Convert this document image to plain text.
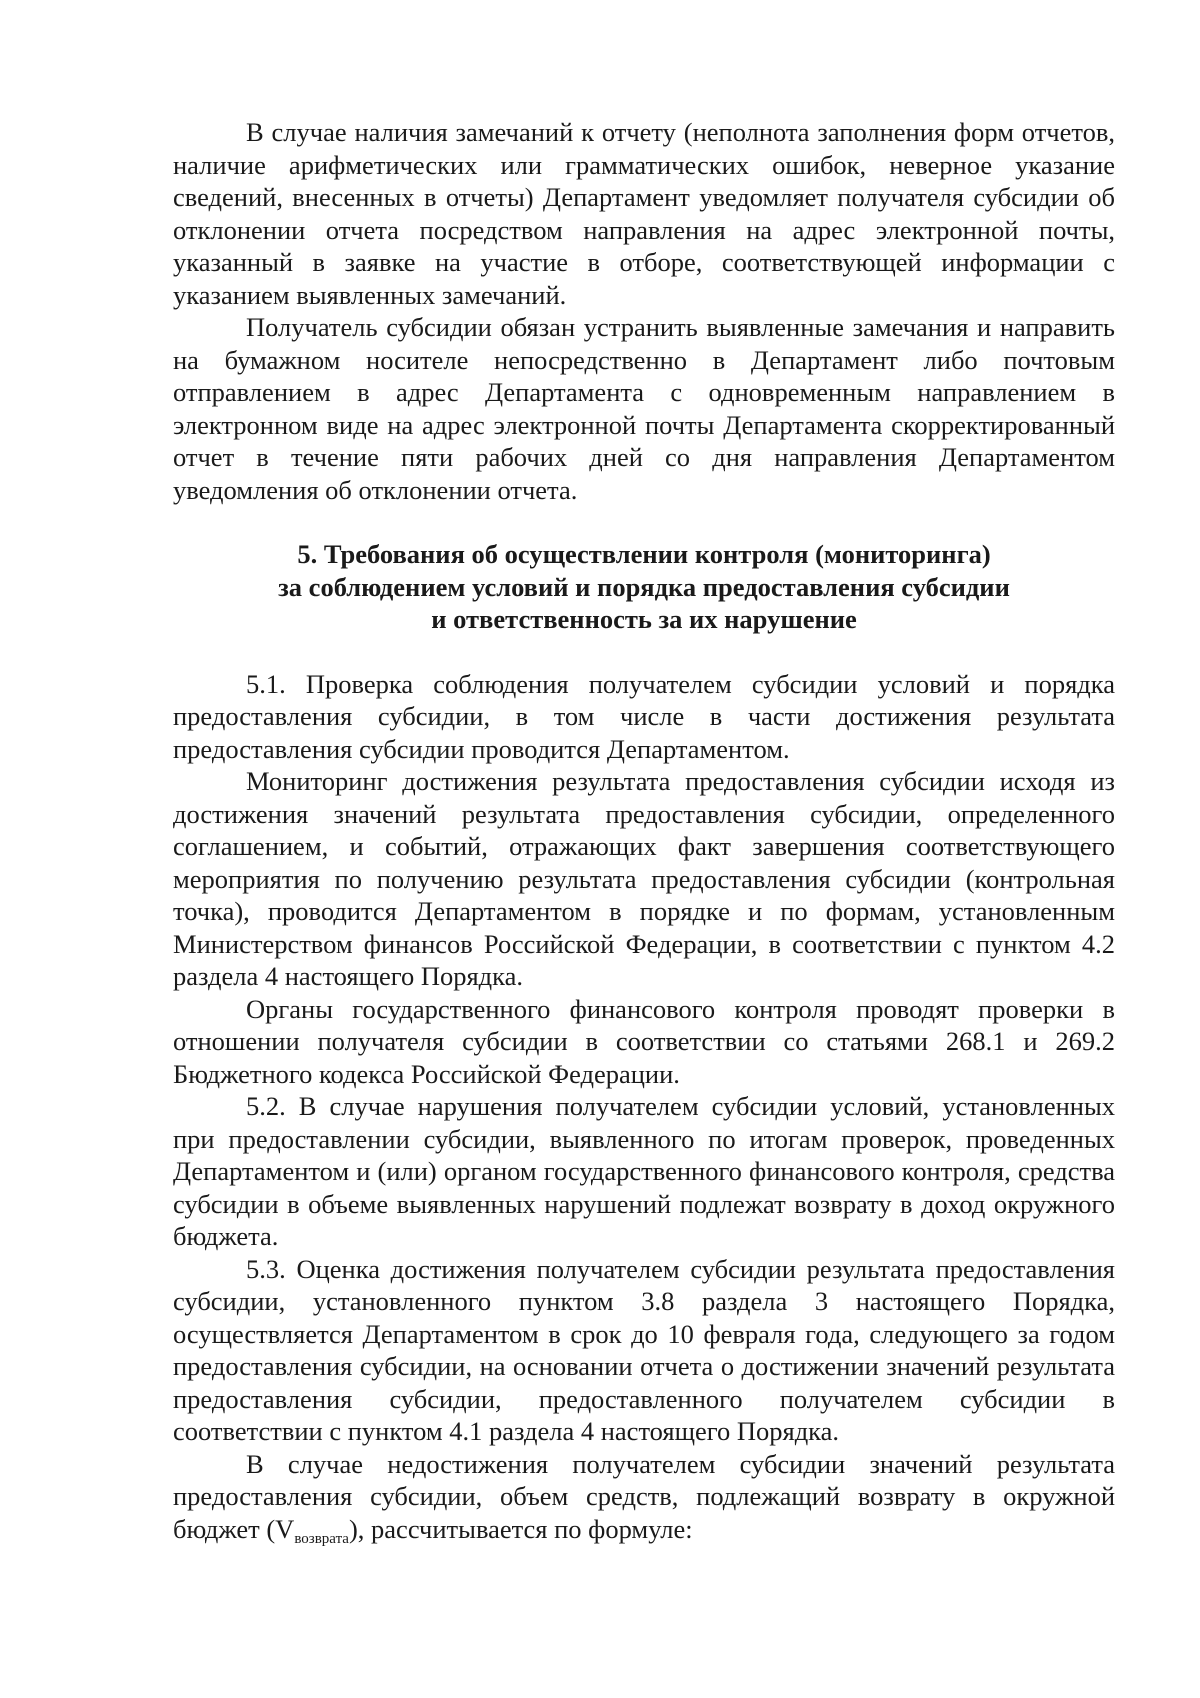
В случае наличия замечаний к отчету (неполнота заполнения форм отчетов, наличие арифметических или грамматических ошибок, неверное указание сведений, внесенных в отчеты) Департамент уведомляет получателя субсидии об отклонении отчета посредством направления на адрес электронной почты, указанный в заявке на участие в отборе, соответствующей информации с указанием выявленных замечаний.

Получатель субсидии обязан устранить выявленные замечания и направить на бумажном носителе непосредственно в Департамент либо почтовым отправлением в адрес Департамента с одновременным направлением в электронном виде на адрес электронной почты Департамента скорректированный отчет в течение пяти рабочих дней со дня направления Департаментом уведомления об отклонении отчета.

5. Требования об осуществлении контроля (мониторинга)
за соблюдением условий и порядка предоставления субсидии
и ответственность за их нарушение

5.1. Проверка соблюдения получателем субсидии условий и порядка предоставления субсидии, в том числе в части достижения результата предоставления субсидии проводится Департаментом.

Мониторинг достижения результата предоставления субсидии исходя из достижения значений результата предоставления субсидии, определенного соглашением, и событий, отражающих факт завершения соответствующего мероприятия по получению результата предоставления субсидии (контрольная точка), проводится Департаментом в порядке и по формам, установленным Министерством финансов Российской Федерации, в соответствии с пунктом 4.2 раздела 4 настоящего Порядка.

Органы государственного финансового контроля проводят проверки в отношении получателя субсидии в соответствии со статьями 268.1 и 269.2 Бюджетного кодекса Российской Федерации.

5.2. В случае нарушения получателем субсидии условий, установленных при предоставлении субсидии, выявленного по итогам проверок, проведенных Департаментом и (или) органом государственного финансового контроля, средства субсидии в объеме выявленных нарушений подлежат возврату в доход окружного бюджета.

5.3. Оценка достижения получателем субсидии результата предоставления субсидии, установленного пунктом 3.8 раздела 3 настоящего Порядка, осуществляется Департаментом в срок до 10 февраля года, следующего за годом предоставления субсидии, на основании отчета о достижении значений результата предоставления субсидии, предоставленного получателем субсидии в соответствии с пунктом 4.1 раздела 4 настоящего Порядка.

В случае недостижения получателем субсидии значений результата предоставления субсидии, объем средств, подлежащий возврату в окружной бюджет $(V_{возврата})$, рассчитывается по формуле:
